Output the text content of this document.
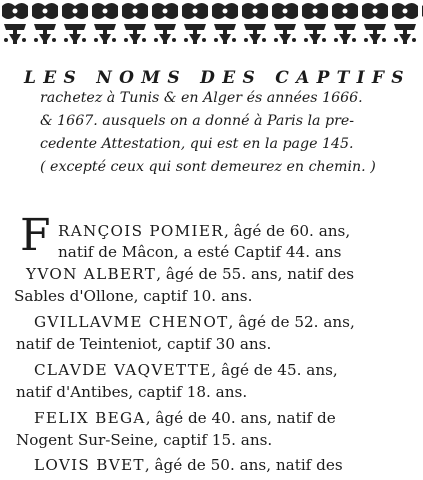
LES NOMS DES CAPTIFS
rachetez à Tunis & en Alger és années 1666.
& 1667. ausquels on a donné à Paris la pre-
cedente Attestation, qui est en la page 145.
( excepté ceux qui sont demeurez en chemin. )
F RANÇOIS POMIER, âgé de 60. ans,
natif de Mâcon, a esté Captif 44. ans
YVON ALBERT, âgé de 55. ans, natif des
Sables d'Ollone, captif 10. ans.
GVILLAVME CHENOT, âgé de 52. ans,
natif de Teinteniot, captif 30 ans.
CLAVDE VAQVETTE, âgé de 45. ans,
natif d'Antibes, captif 18. ans.
FELIX BEGA, âgé de 40. ans, natif de
Nogent Sur-Seine, captif 15. ans.
LOVIS BVET, âgé de 50. ans, natif des
